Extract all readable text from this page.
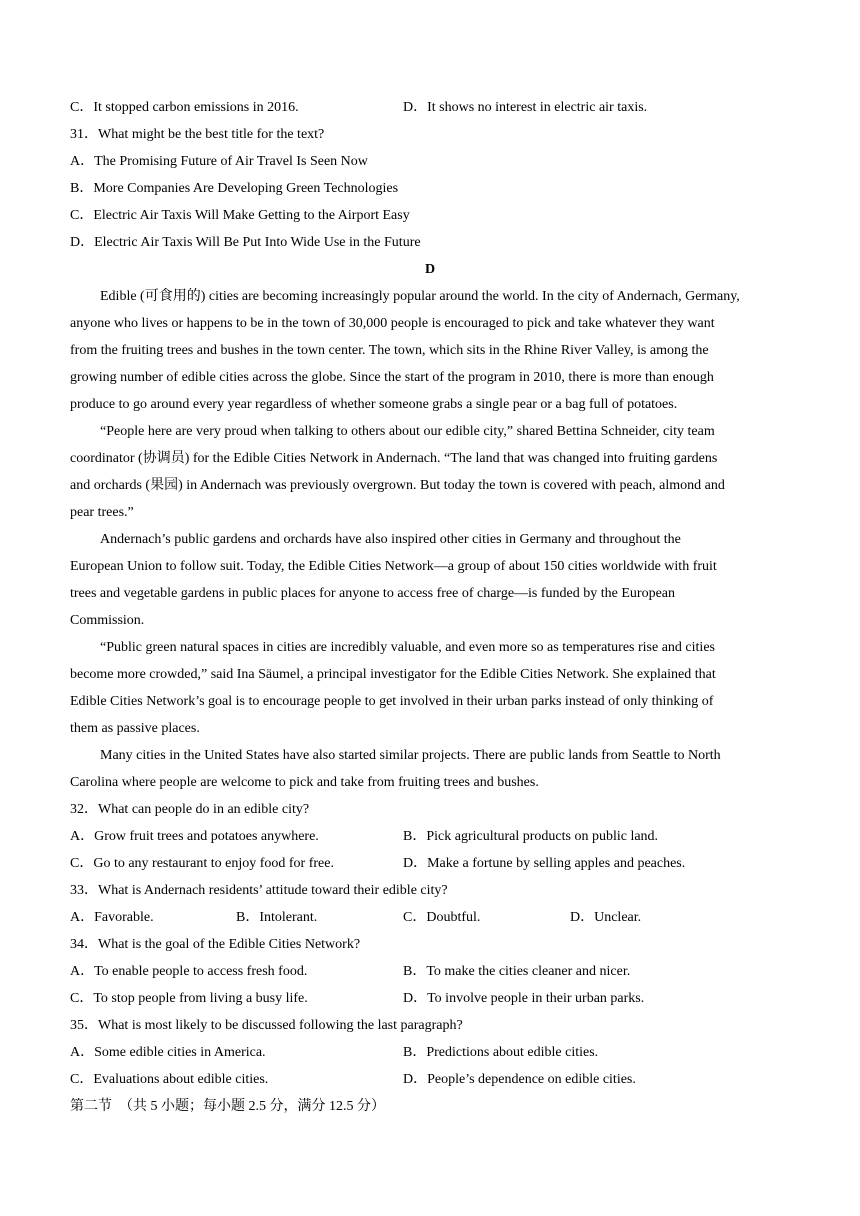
C．It stopped carbon emissions in 2016.	D．It shows no interest in electric air taxis.
31．What might be the best title for the text?
A．The Promising Future of Air Travel Is Seen Now
B．More Companies Are Developing Green Technologies
C．Electric Air Taxis Will Make Getting to the Airport Easy
D．Electric Air Taxis Will Be Put Into Wide Use in the Future
D
Edible (可食用的) cities are becoming increasingly popular around the world. In the city of Andernach, Germany,
anyone who lives or happens to be in the town of 30,000 people is encouraged to pick and take whatever they want
from the fruiting trees and bushes in the town center. The town, which sits in the Rhine River Valley, is among the
growing number of edible cities across the globe. Since the start of the program in 2010, there is more than enough
produce to go around every year regardless of whether someone grabs a single pear or a bag full of potatoes.
“People here are very proud when talking to others about our edible city,” shared Bettina Schneider, city team
coordinator (协调员) for the Edible Cities Network in Andernach. “The land that was changed into fruiting gardens
and orchards (果园) in Andernach was previously overgrown. But today the town is covered with peach, almond and
pear trees.”
Andernach’s public gardens and orchards have also inspired other cities in Germany and throughout the
European Union to follow suit. Today, the Edible Cities Network—a group of about 150 cities worldwide with fruit
trees and vegetable gardens in public places for anyone to access free of charge—is funded by the European
Commission.
“Public green natural spaces in cities are incredibly valuable, and even more so as temperatures rise and cities
become more crowded,” said Ina Säumel, a principal investigator for the Edible Cities Network. She explained that
Edible Cities Network’s goal is to encourage people to get involved in their urban parks instead of only thinking of
them as passive places.
Many cities in the United States have also started similar projects. There are public lands from Seattle to North
Carolina where people are welcome to pick and take from fruiting trees and bushes.
32．What can people do in an edible city?
A．Grow fruit trees and potatoes anywhere.	B．Pick agricultural products on public land.
C．Go to any restaurant to enjoy food for free.	D．Make a fortune by selling apples and peaches.
33．What is Andernach residents’ attitude toward their edible city?
A．Favorable.	B．Intolerant.	C．Doubtful.	D．Unclear.
34．What is the goal of the Edible Cities Network?
A．To enable people to access fresh food.	B．To make the cities cleaner and nicer.
C．To stop people from living a busy life.	D．To involve people in their urban parks.
35．What is most likely to be discussed following the last paragraph?
A．Some edible cities in America.	B．Predictions about edible cities.
C．Evaluations about edible cities.	D．People’s dependence on edible cities.
第二节　（共 5 小题；每小题 2.5 分，满分 12.5 分）
